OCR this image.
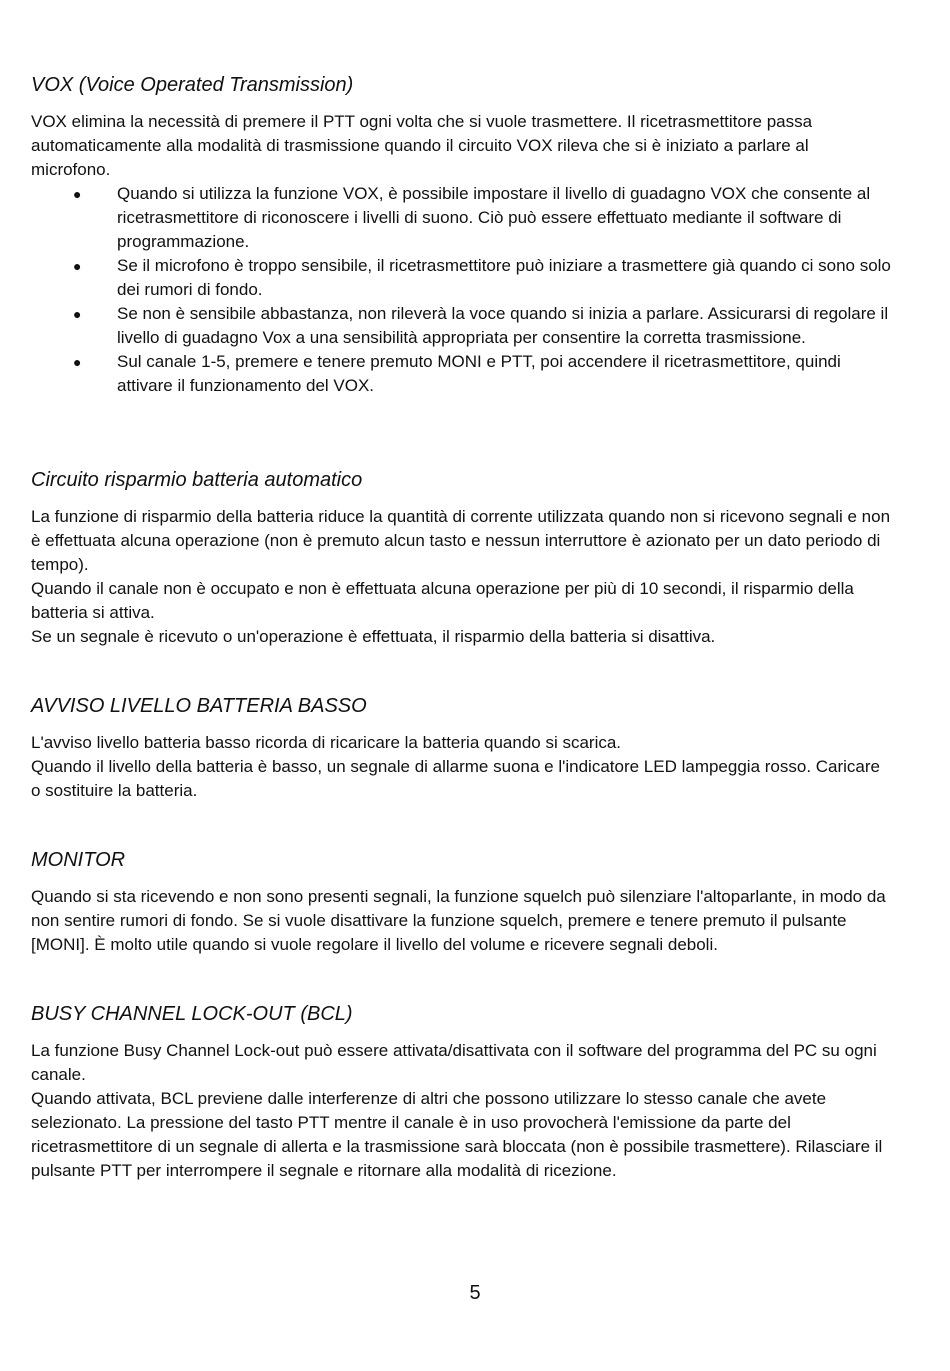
VOX (Voice Operated Transmission)

VOX elimina la necessità di premere il PTT ogni volta che si vuole trasmettere. Il ricetrasmettitore passa automaticamente alla modalità di trasmissione quando il circuito VOX rileva che si è iniziato a parlare al microfono.

● Quando si utilizza la funzione VOX, è possibile impostare il livello di guadagno VOX che consente al ricetrasmettitore di riconoscere i livelli di suono. Ciò può essere effettuato mediante il software di programmazione.
● Se il microfono è troppo sensibile, il ricetrasmettitore può iniziare a trasmettere già quando ci sono solo dei rumori di fondo.
● Se non è sensibile abbastanza, non rileverà la voce quando si inizia a parlare. Assicurarsi di regolare il livello di guadagno Vox a una sensibilità appropriata per consentire la corretta trasmissione.
● Sul canale 1-5, premere e tenere premuto MONI e PTT, poi accendere il ricetrasmettitore, quindi attivare il funzionamento del VOX.
Circuito risparmio batteria automatico

La funzione di risparmio della batteria riduce la quantità di corrente utilizzata quando non si ricevono segnali e non è effettuata alcuna operazione (non è premuto alcun tasto e nessun interruttore è azionato per un dato periodo di tempo).

Quando il canale non è occupato e non è effettuata alcuna operazione per più di 10 secondi, il risparmio della batteria si attiva.

Se un segnale è ricevuto o un'operazione è effettuata, il risparmio della batteria si disattiva.

AVVISO LIVELLO BATTERIA BASSO

L'avviso livello batteria basso ricorda di ricaricare la batteria quando si scarica.

Quando il livello della batteria è basso, un segnale di allarme suona e l'indicatore LED lampeggia rosso. Caricare o sostituire la batteria.

MONITOR

Quando si sta ricevendo e non sono presenti segnali, la funzione squelch può silenziare l'altoparlante, in modo da non sentire rumori di fondo. Se si vuole disattivare la funzione squelch, premere e tenere premuto il pulsante [MONI]. È molto utile quando si vuole regolare il livello del volume e ricevere segnali deboli.

BUSY CHANNEL LOCK-OUT (BCL)

La funzione Busy Channel Lock-out può essere attivata/disattivata con il software del programma del PC su ogni canale.

Quando attivata, BCL previene dalle interferenze di altri che possono utilizzare lo stesso canale che avete selezionato. La pressione del tasto PTT mentre il canale è in uso provocherà l'emissione da parte del ricetrasmettitore di un segnale di allerta e la trasmissione sarà bloccata (non è possibile trasmettere). Rilasciare il pulsante PTT per interrompere il segnale e ritornare alla modalità di ricezione.

5
